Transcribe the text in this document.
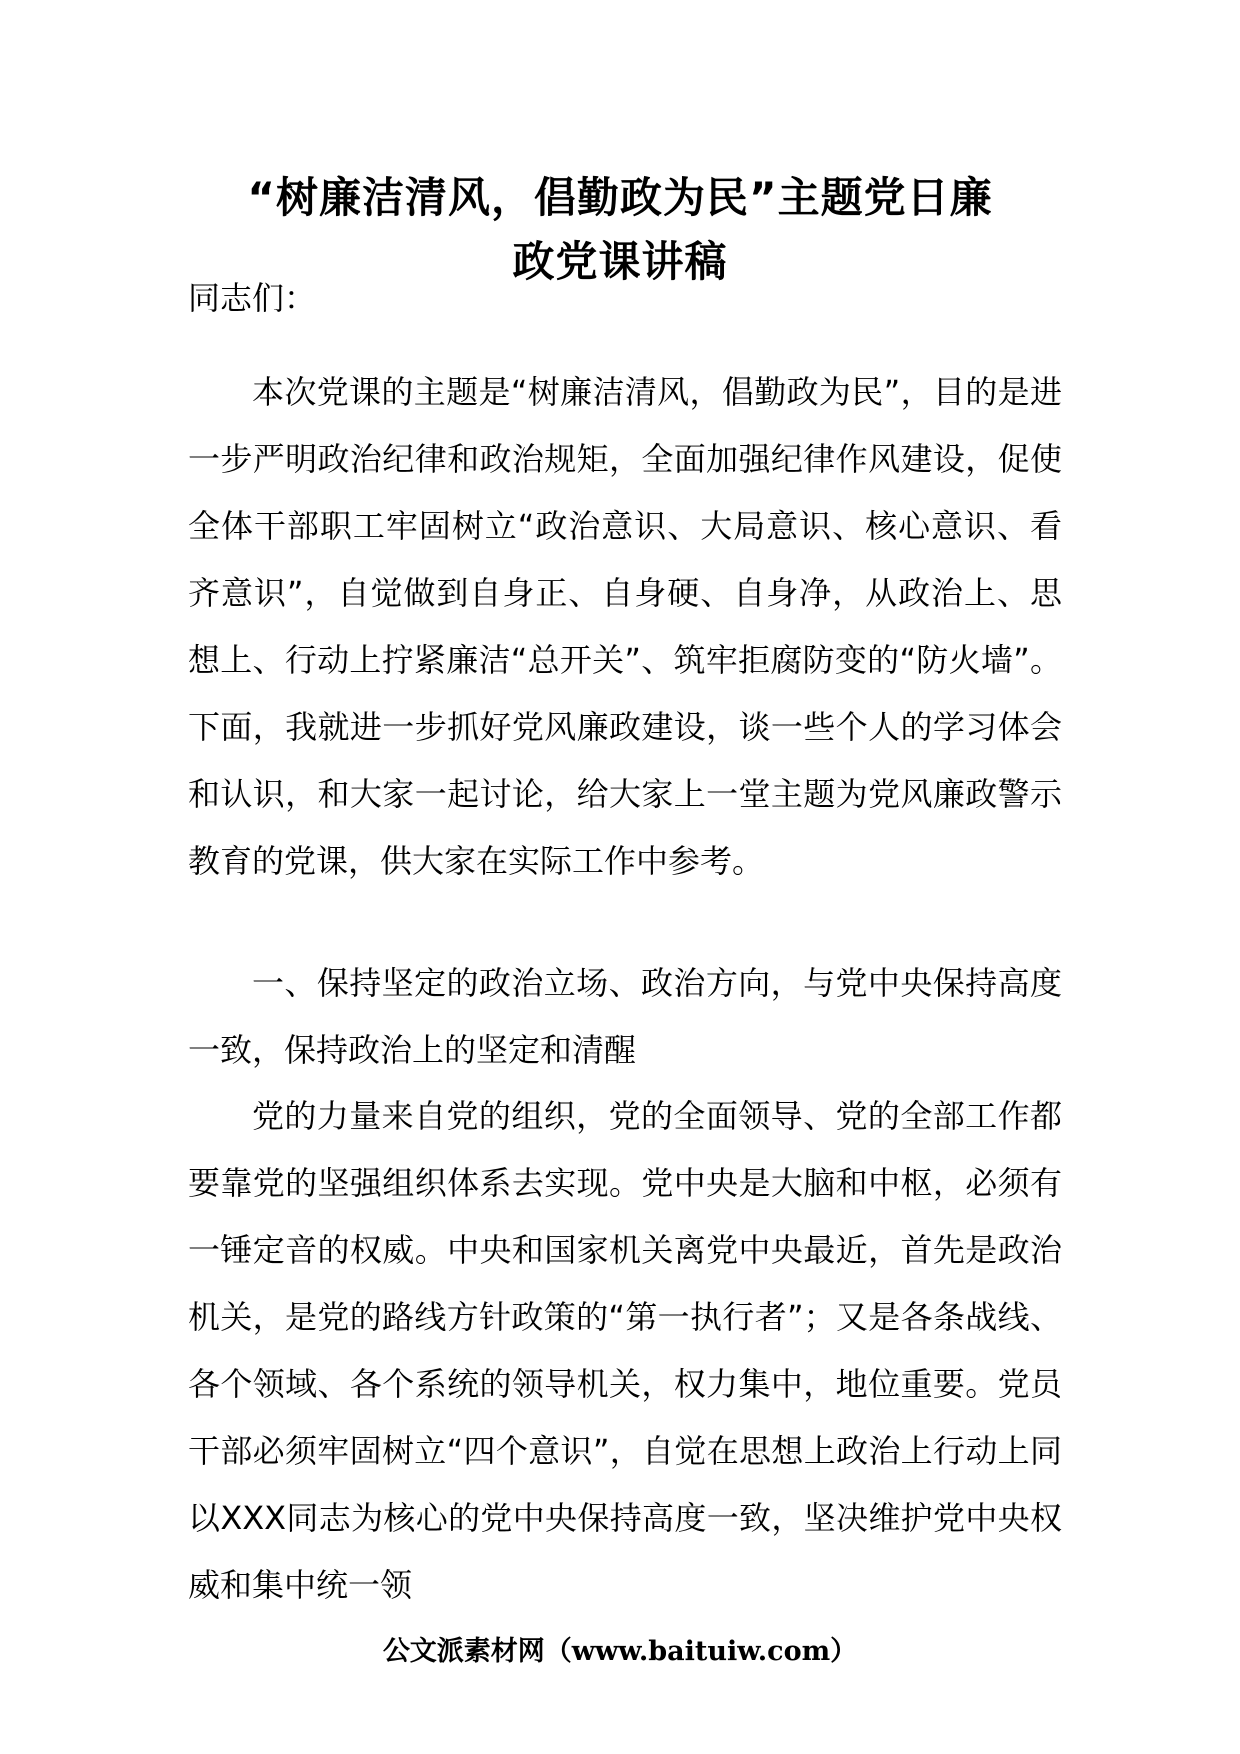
“树廉洁清风，倡勤政为民”主题党日廉
政党课讲稿

同志们：

本次党课的主题是“树廉洁清风，倡勤政为民”，目的是进一步严明政治纪律和政治规矩，全面加强纪律作风建设，促使全体干部职工牢固树立“政治意识、大局意识、核心意识、看齐意识”，自觉做到自身正、自身硬、自身净，从政治上、思想上、行动上拧紧廉洁“总开关”、筑牢拒腐防变的“防火墙”。下面，我就进一步抓好党风廉政建设，谈一些个人的学习体会和认识，和大家一起讨论，给大家上一堂主题为党风廉政警示教育的党课，供大家在实际工作中参考。

一、保持坚定的政治立场、政治方向，与党中央保持高度一致，保持政治上的坚定和清醒

党的力量来自党的组织，党的全面领导、党的全部工作都要靠党的坚强组织体系去实现。党中央是大脑和中枢，必须有一锤定音的权威。中央和国家机关离党中央最近，首先是政治机关，是党的路线方针政策的“第一执行者”；又是各条战线、各个领域、各个系统的领导机关，权力集中，地位重要。党员干部必须牢固树立“四个意识”，自觉在思想上政治上行动上同以XXX同志为核心的党中央保持高度一致，坚决维护党中央权威和集中统一领

公文派素材网（www.baituiw.com）
